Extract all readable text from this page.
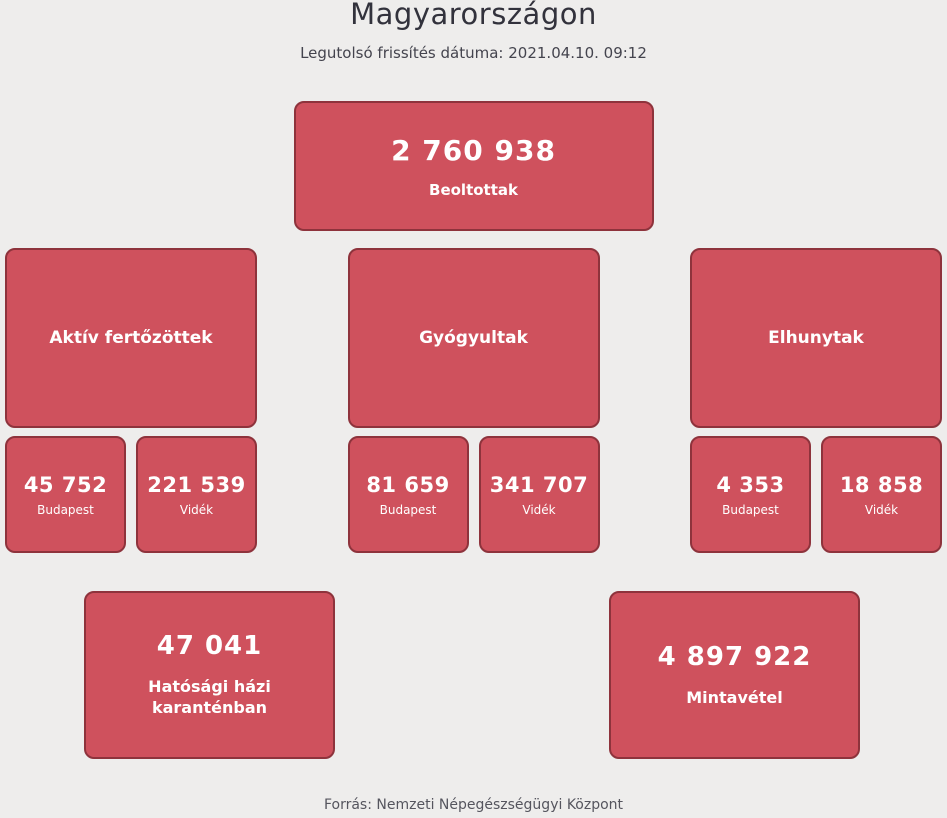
Magyarországon
Legutolsó frissítés dátuma: 2021.04.10. 09:12
2 760 938
Beoltottak
Aktív fertőzöttek
45 752
Budapest
221 539
Vidék
Gyógyultak
81 659
Budapest
341 707
Vidék
Elhunytak
4 353
Budapest
18 858
Vidék
47 041
Hatósági házi karanténban
4 897 922
Mintavétel
Forrás: Nemzeti Népegészségügyi Központ
